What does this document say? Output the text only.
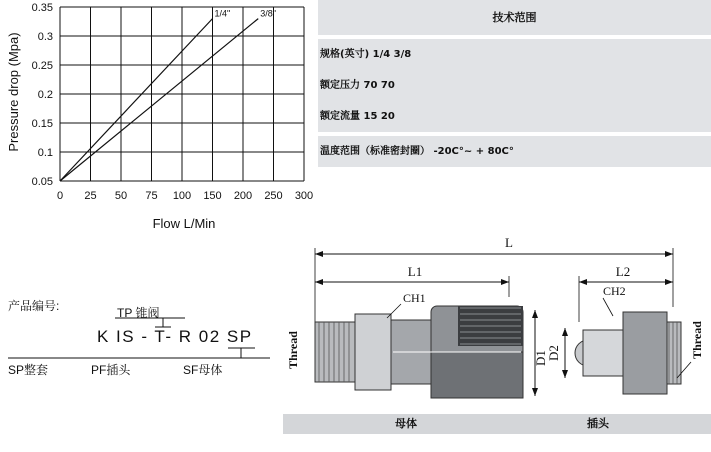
0 25 50 75 100 150 200 250 300
0.35
0.3
0.25
0.2
0.15
0.1
0.05
1/4"	3/8"
Pressure drop (Mpa)
Flow L/Min
技术范围
规格(英寸) 1/4 3/8
额定压力 70 70
额定流量 15 20
温度范围（标准密封圈） -20C°~ + 80C°
产品编号:	TP 锥阀
K IS - T- R 02 SP
SP整套	PF插头	SF母体
L
L1	L2
CH1	CH2
D1
D2
Thread	Thread
母体	插头
